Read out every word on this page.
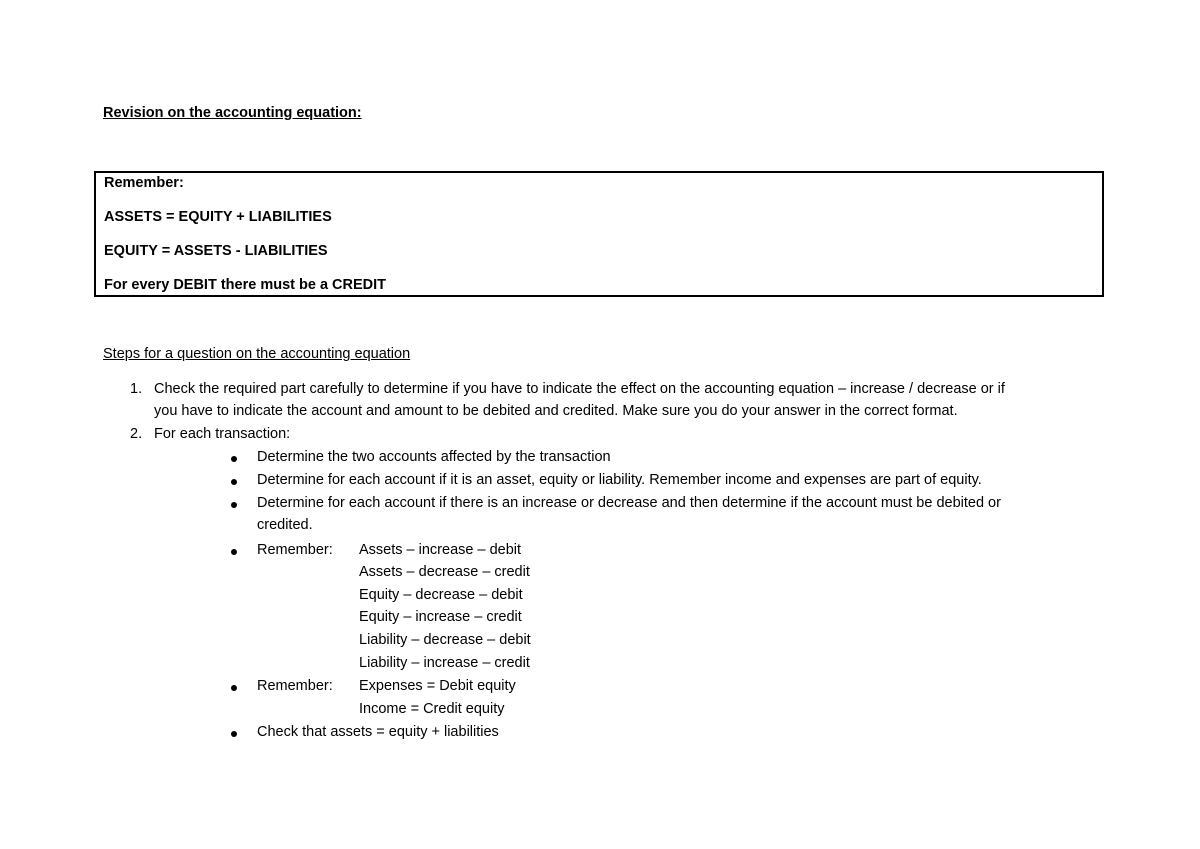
Revision on the accounting equation:
Remember:
ASSETS = EQUITY + LIABILITIES
EQUITY = ASSETS - LIABILITIES
For every DEBIT there must be a CREDIT
Steps for a question on the accounting equation
1. Check the required part carefully to determine if you have to indicate the effect on the accounting equation – increase / decrease or if
you have to indicate the account and amount to be debited and credited. Make sure you do your answer in the correct format.
2. For each transaction:
Determine the two accounts affected by the transaction
Determine for each account if it is an asset, equity or liability. Remember income and expenses are part of equity.
Determine for each account if there is an increase or decrease and then determine if the account must be debited or
credited.
Remember: Assets – increase – debit
Assets – decrease – credit
Equity – decrease – debit
Equity – increase – credit
Liability – decrease – debit
Liability – increase – credit
Remember: Expenses = Debit equity
Income = Credit equity
Check that assets = equity + liabilities
